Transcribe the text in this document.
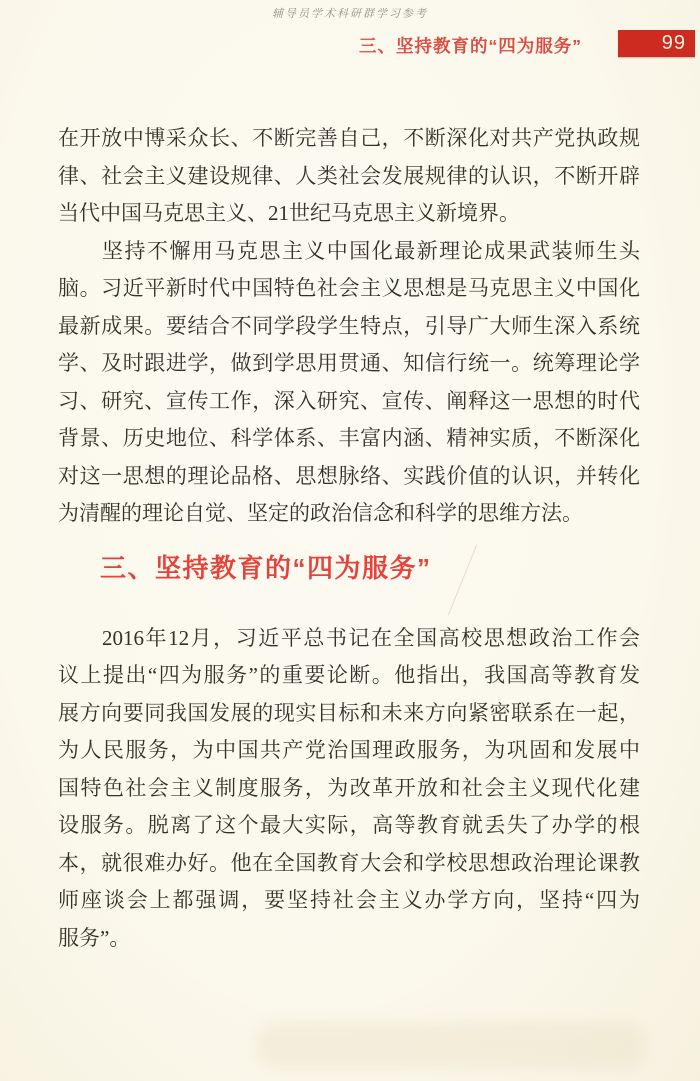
辅导员学术科研群学习参考
三、坚持教育的“四为服务”	99
在开放中博采众长、不断完善自己，不断深化对共产党执政规
律、社会主义建设规律、人类社会发展规律的认识，不断开辟
当代中国马克思主义、21世纪马克思主义新境界。
坚持不懈用马克思主义中国化最新理论成果武装师生头
脑。习近平新时代中国特色社会主义思想是马克思主义中国化
最新成果。要结合不同学段学生特点，引导广大师生深入系统
学、及时跟进学，做到学思用贯通、知信行统一。统筹理论学
习、研究、宣传工作，深入研究、宣传、阐释这一思想的时代
背景、历史地位、科学体系、丰富内涵、精神实质，不断深化
对这一思想的理论品格、思想脉络、实践价值的认识，并转化
为清醒的理论自觉、坚定的政治信念和科学的思维方法。
三、坚持教育的“四为服务”
2016年12月，习近平总书记在全国高校思想政治工作会
议上提出“四为服务”的重要论断。他指出，我国高等教育发
展方向要同我国发展的现实目标和未来方向紧密联系在一起，
为人民服务，为中国共产党治国理政服务，为巩固和发展中
国特色社会主义制度服务，为改革开放和社会主义现代化建
设服务。脱离了这个最大实际，高等教育就丢失了办学的根
本，就很难办好。他在全国教育大会和学校思想政治理论课教
师座谈会上都强调，要坚持社会主义办学方向，坚持“四为
服务”。
